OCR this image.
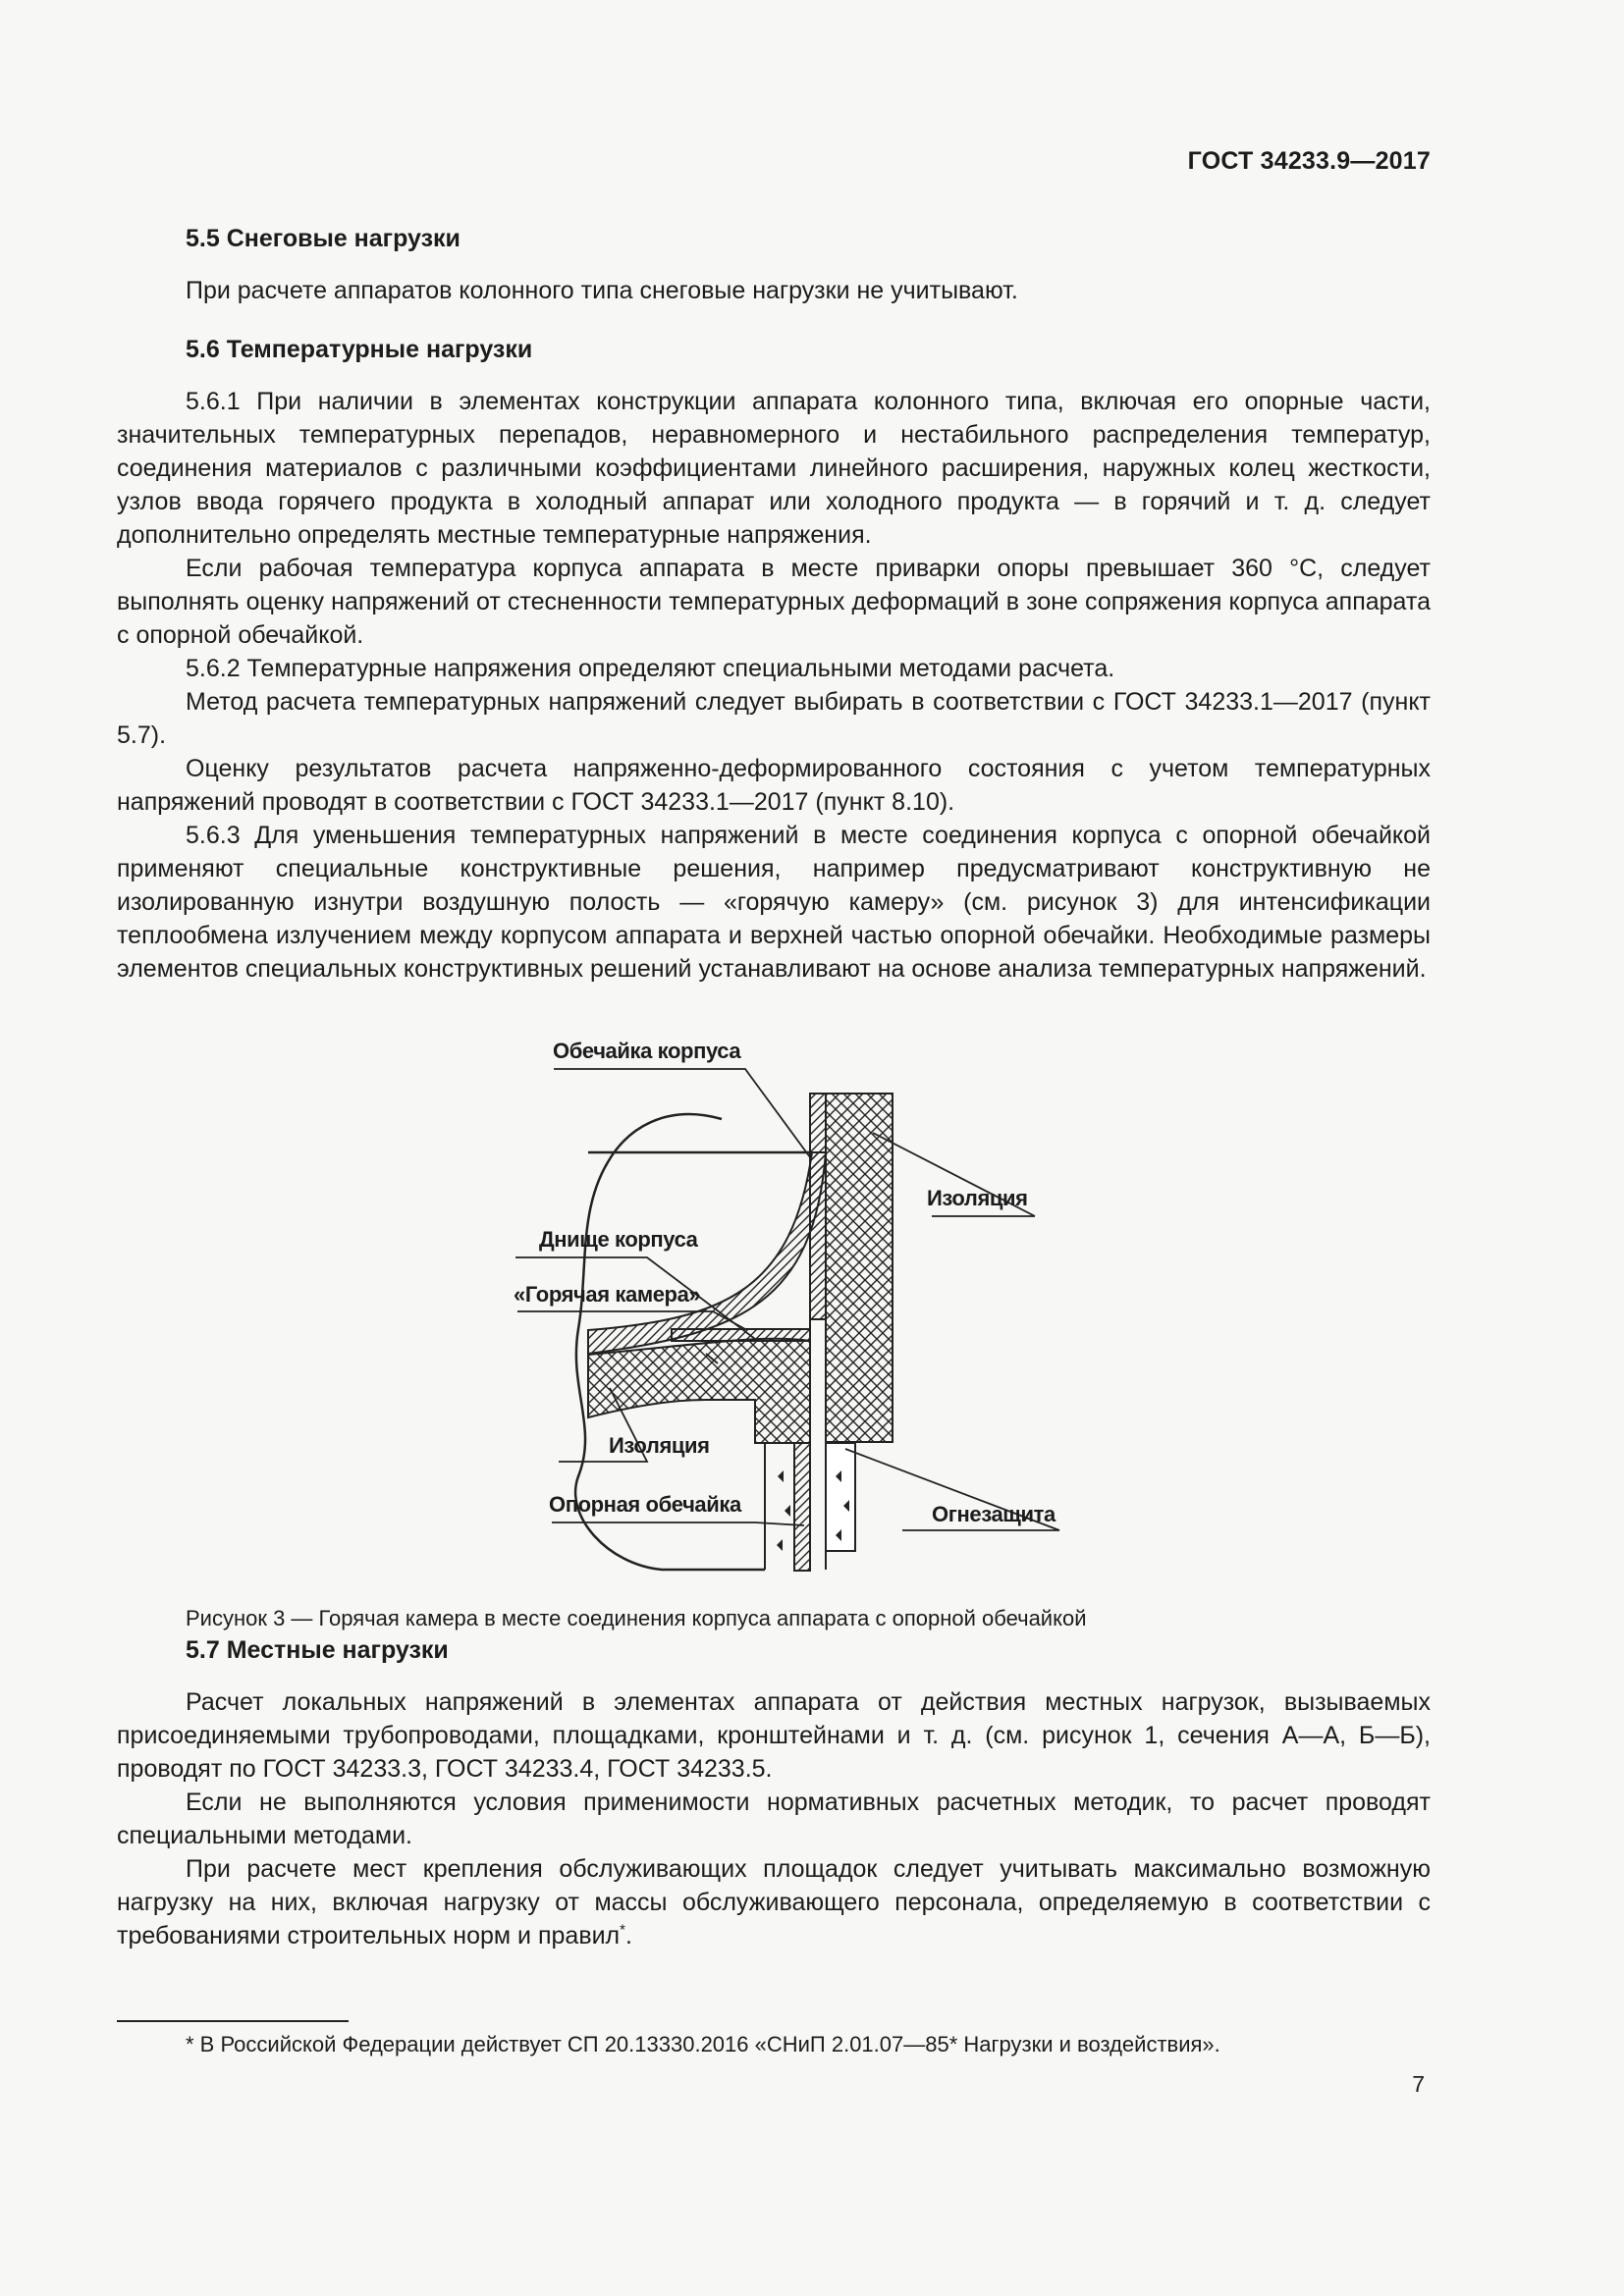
ГОСТ 34233.9—2017
5.5 Снеговые нагрузки

При расчете аппаратов колонного типа снеговые нагрузки не учитывают.

5.6 Температурные нагрузки

5.6.1 При наличии в элементах конструкции аппарата колонного типа, включая его опорные части, значительных температурных перепадов, неравномерного и нестабильного распределения температур, соединения материалов с различными коэффициентами линейного расширения, наружных колец жесткости, узлов ввода горячего продукта в холодный аппарат или холодного продукта — в горячий и т. д. следует дополнительно определять местные температурные напряжения.

Если рабочая температура корпуса аппарата в месте приварки опоры превышает 360 °С, следует выполнять оценку напряжений от стесненности температурных деформаций в зоне сопряжения корпуса аппарата с опорной обечайкой.

5.6.2 Температурные напряжения определяют специальными методами расчета.

Метод расчета температурных напряжений следует выбирать в соответствии с ГОСТ 34233.1—2017 (пункт 5.7).

Оценку результатов расчета напряженно-деформированного состояния с учетом температурных напряжений проводят в соответствии с ГОСТ 34233.1—2017 (пункт 8.10).

5.6.3 Для уменьшения температурных напряжений в месте соединения корпуса с опорной обечайкой применяют специальные конструктивные решения, например предусматривают конструктивную не изолированную изнутри воздушную полость — «горячую камеру» (см. рисунок 3) для интенсификации теплообмена излучением между корпусом аппарата и верхней частью опорной обечайки. Необходимые размеры элементов специальных конструктивных решений устанавливают на основе анализа температурных напряжений.

Обечайка корпуса
Изоляция
Днище корпуса
«Горячая камера»
Изоляция
Опорная обечайка	Огнезащита

Рисунок 3 — Горячая камера в месте соединения корпуса аппарата с опорной обечайкой

5.7 Местные нагрузки

Расчет локальных напряжений в элементах аппарата от действия местных нагрузок, вызываемых присоединяемыми трубопроводами, площадками, кронштейнами и т. д. (см. рисунок 1, сечения А—А, Б—Б), проводят по ГОСТ 34233.3, ГОСТ 34233.4, ГОСТ 34233.5.

Если не выполняются условия применимости нормативных расчетных методик, то расчет проводят специальными методами.

При расчете мест крепления обслуживающих площадок следует учитывать максимально возможную нагрузку на них, включая нагрузку от массы обслуживающего персонала, определяемую в соответствии с требованиями строительных норм и правил*.

* В Российской Федерации действует СП 20.13330.2016 «СНиП 2.01.07—85* Нагрузки и воздействия».
7
